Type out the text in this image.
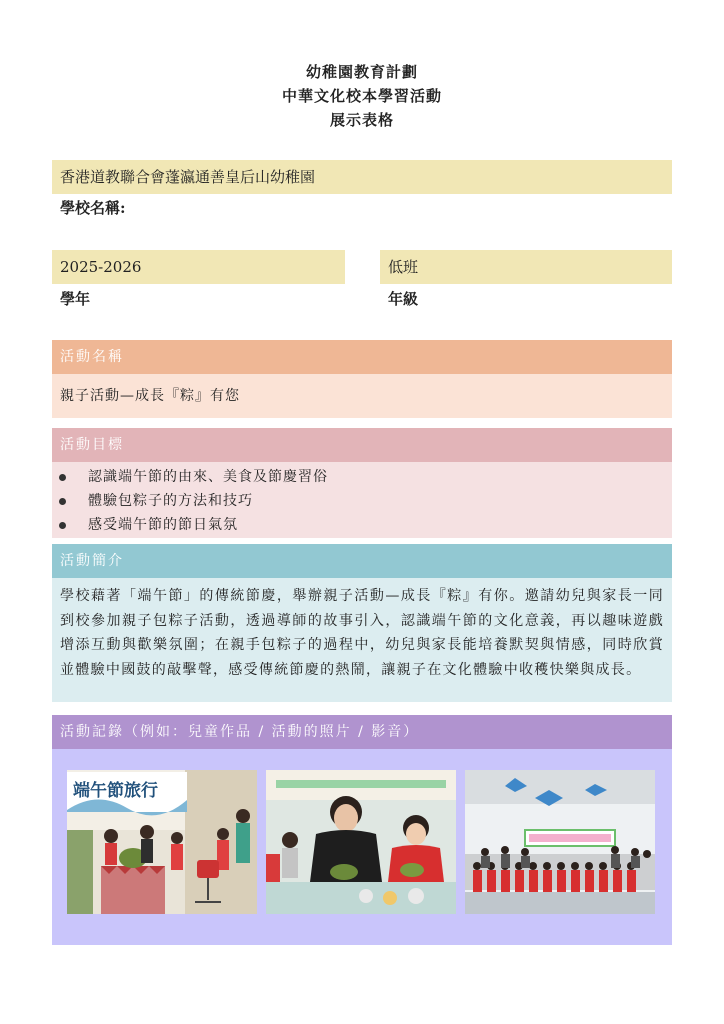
幼稚園教育計劃
中華文化校本學習活動
展示表格
香港道教聯合會蓬瀛通善皇后山幼稚園
學校名稱:
2025-2026
學年
低班
年級
活動名稱
親子活動—成長『粽』有您
活動目標
認識端午節的由來、美食及節慶習俗
體驗包粽子的方法和技巧
感受端午節的節日氣氛
活動簡介
學校藉著「端午節」的傳統節慶，舉辦親子活動—成長『粽』有你。邀請幼兒與家長一同到校參加親子包粽子活動，透過導師的故事引入，認識端午節的文化意義，再以趣味遊戲增添互動與歡樂氛圍；在親手包粽子的過程中，幼兒與家長能培養默契與情感，同時欣賞並體驗中國鼓的敲擊聲，感受傳統節慶的熱鬧，讓親子在文化體驗中收穫快樂與成長。
活動記錄（例如：兒童作品 / 活動的照片 / 影音）
端午節旅行
